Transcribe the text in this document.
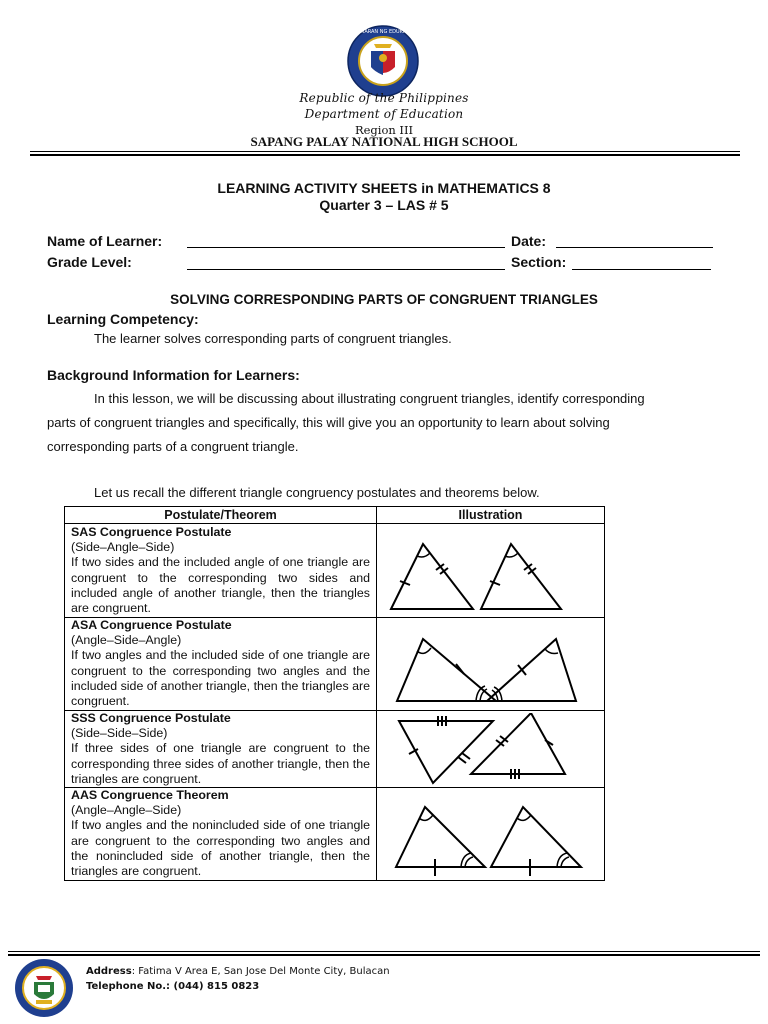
KAGAWARAN NG EDUKASYON
Republic of the Philippines
Department of Education
Region III
SAPANG PALAY NATIONAL HIGH SCHOOL
LEARNING ACTIVITY SHEETS in MATHEMATICS 8
Quarter 3 – LAS # 5
Name of Learner:	Date:
Grade Level:	Section:
SOLVING CORRESPONDING PARTS OF CONGRUENT TRIANGLES
Learning Competency:
The learner solves corresponding parts of congruent triangles.
Background Information for Learners:
In this lesson, we will be discussing about illustrating congruent triangles, identify corresponding
parts of congruent triangles and specifically, this will give you an opportunity to learn about solving
corresponding parts of a congruent triangle.
Let us recall the different triangle congruency postulates and theorems below.
Postulate/Theorem	Illustration
SAS Congruence Postulate
(Side–Angle–Side)
If two sides and the included angle of one triangle are congruent to the corresponding two sides and included angle of another triangle, then the triangles are congruent.
ASA Congruence Postulate
(Angle–Side–Angle)
If two angles and the included side of one triangle are congruent to the corresponding two angles and the included side of another triangle, then the triangles are congruent.
SSS Congruence Postulate
(Side–Side–Side)
If three sides of one triangle are congruent to the corresponding three sides of another triangle, then the triangles are congruent.
AAS Congruence Theorem
(Angle–Angle–Side)
If two angles and the nonincluded side of one triangle are congruent to the corresponding two angles and the nonincluded side of another triangle, then the triangles are congruent.
Address: Fatima V Area E, San Jose Del Monte City, Bulacan
Telephone No.: (044) 815 0823
